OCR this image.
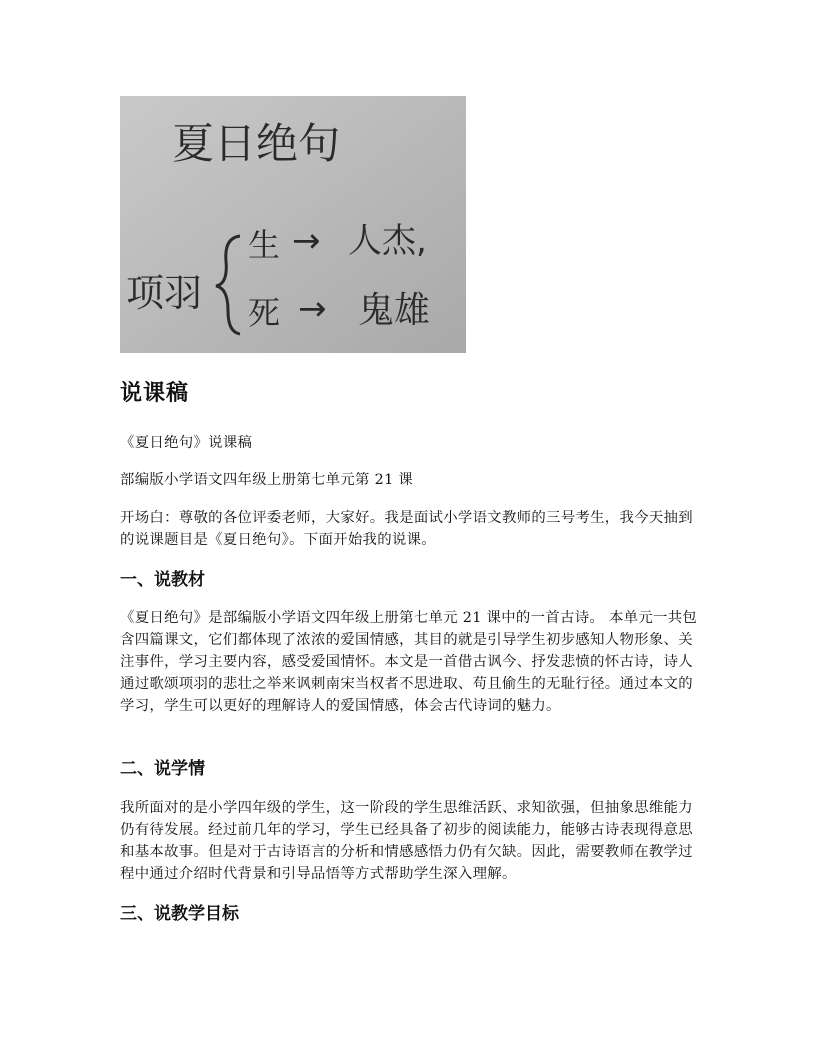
夏日绝句
项羽
生 → 人杰,
死 → 鬼雄
说课稿

《夏日绝句》说课稿

部编版小学语文四年级上册第七单元第 21 课

开场白：尊敬的各位评委老师，大家好。我是面试小学语文教师的三号考生，我今天抽到的说课题目是《夏日绝句》。下面开始我的说课。

一、说教材

《夏日绝句》是部编版小学语文四年级上册第七单元 21 课中的一首古诗。 本单元一共包含四篇课文，它们都体现了浓浓的爱国情感，其目的就是引导学生初步感知人物形象、关注事件，学习主要内容，感受爱国情怀。本文是一首借古讽今、抒发悲愤的怀古诗，诗人通过歌颂项羽的悲壮之举来讽刺南宋当权者不思进取、苟且偷生的无耻行径。通过本文的学习，学生可以更好的理解诗人的爱国情感，体会古代诗词的魅力。

二、说学情

我所面对的是小学四年级的学生，这一阶段的学生思维活跃、求知欲强，但抽象思维能力仍有待发展。经过前几年的学习，学生已经具备了初步的阅读能力，能够古诗表现得意思和基本故事。但是对于古诗语言的分析和情感感悟力仍有欠缺。因此，需要教师在教学过程中通过介绍时代背景和引导品悟等方式帮助学生深入理解。

三、说教学目标
